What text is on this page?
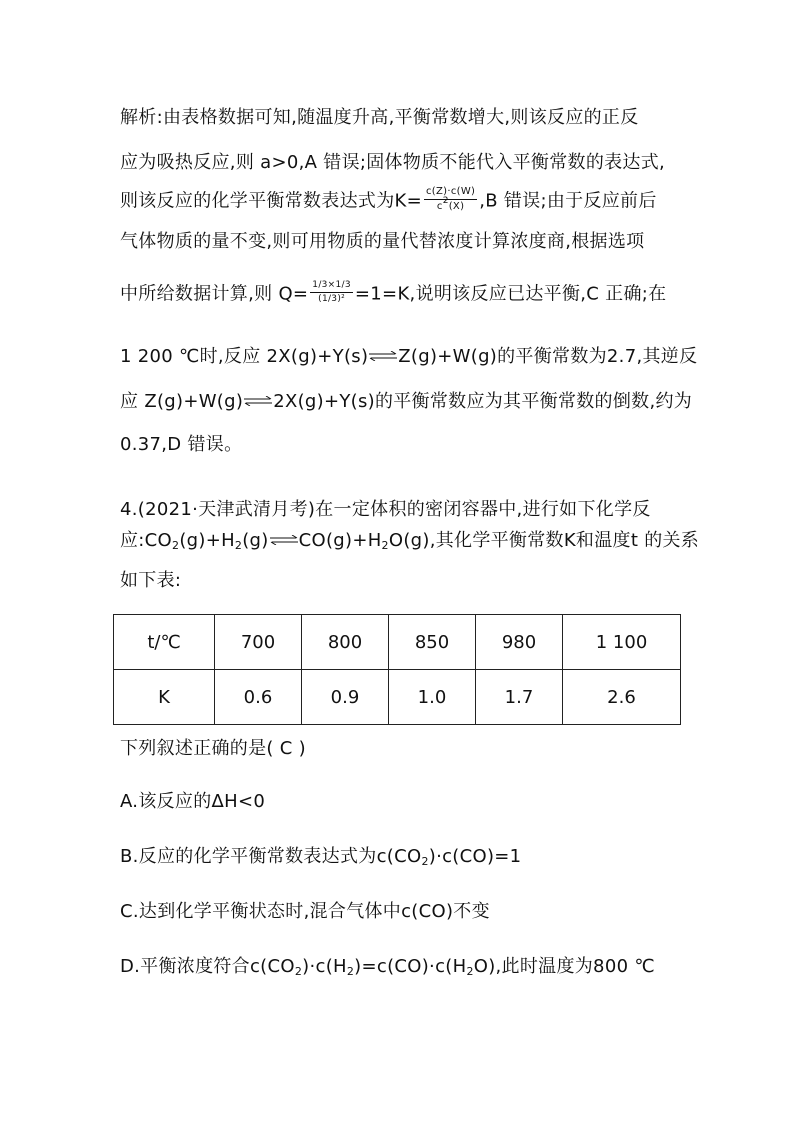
解析:由表格数据可知,随温度升高,平衡常数增大,则该反应的正反
应为吸热反应,则 a>0,A 错误;固体物质不能代入平衡常数的表达式,
则该反应的化学平衡常数表达式为$K= \frac{c(Z)\cdot c(W)}{c^2(X)} ,B$ 错误;由于反应前后
气体物质的量不变,则可用物质的量代替浓度计算浓度商,根据选项
中所给数据计算,则 $Q= \frac{1/3\times 1/3}{\text{(1/3)²}} =1=K$,说明该反应已达平衡,C 正确;在
1 200 ℃时,反应 2X(g)+Y(s)⇌Z(g)+W(g)的平衡常数为2.7,其逆反
应 Z(g)+W(g)⇌2X(g)+Y(s)的平衡常数应为其平衡常数的倒数,约为
0.37,D 错误。
4.(2021·天津武清月考)在一定体积的密闭容器中,进行如下化学反
应$:CO_2(g)+H_2(g)\rightleftharpoons CO(g)+H_2O(g)$,其化学平衡常数K和温度t 的关系
如下表:
t/℃	700	800	850	980	1 100
K	0.6	0.9	1.0	1.7	2.6
下列叙述正确的是( C )
A.该反应的ΔH<0
B.反应的化学平衡常数表达式为$c(CO_2)\cdot c(CO)=1$
C.达到化学平衡状态时,混合气体中c(CO)不变
D.平衡浓度符合$c(CO_2)\cdot c(H_2)=c(CO)\cdot c(H_2O)$,此时温度为800 ℃
